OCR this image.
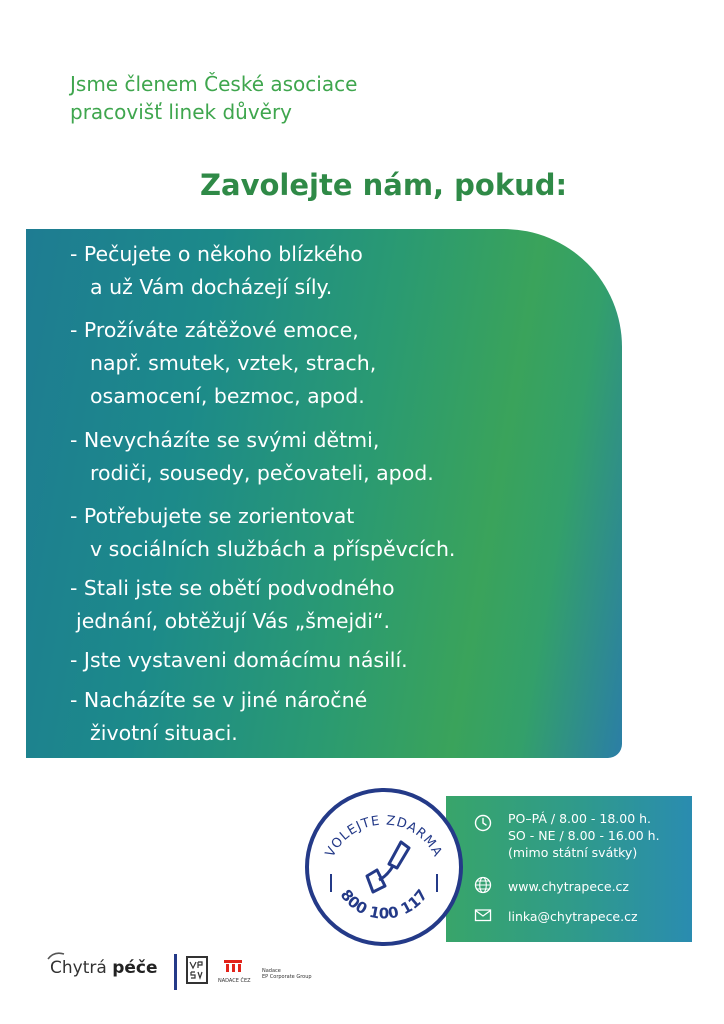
Jsme členem České asociace
pracovišť linek důvěry
Zavolejte nám, pokud:
- Pečujete o někoho blízkého
a už Vám docházejí síly.
- Prožíváte zátěžové emoce,
např. smutek, vztek, strach,
osamocení, bezmoc, apod.
- Nevycházíte se svými dětmi,
rodiči, sousedy, pečovateli, apod.
- Potřebujete se zorientovat
v sociálních službách a příspěvcích.
- Stali jste se obětí podvodného
jednání, obtěžují Vás „šmejdi“.
- Jste vystaveni domácímu násilí.
- Nacházíte se v jiné náročné
životní situaci.
PO–PÁ / 8.00 - 18.00 h.
SO - NE / 8.00 - 16.00 h.
(mimo státní svátky)
www.chytrapece.cz
linka@chytrapece.cz
VOLEJTE ZDARMA
800 100 117
Chytrá péče
NADACE ČEZ
Nadace
EP Corporate Group
